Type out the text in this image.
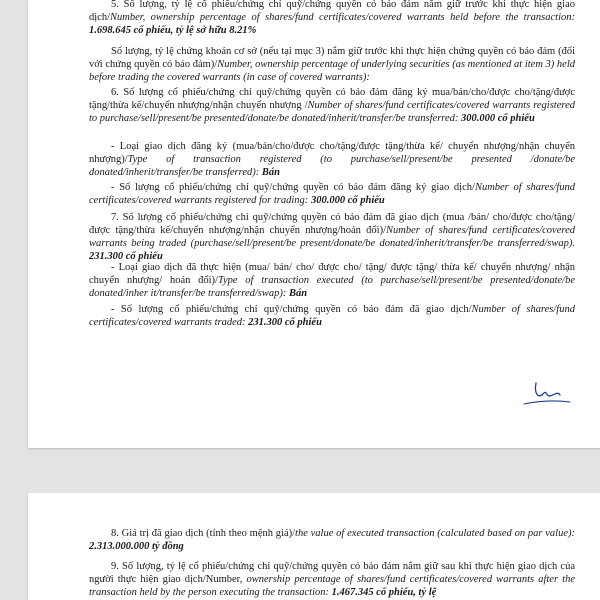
5. Số lượng, tỷ lệ cổ phiếu/chứng chỉ quỹ/chứng quyền có bảo đảm nắm giữ trước khi thực hiện giao dịch/Number, ownership percentage of shares/fund certificates/covered warrants held before the transaction: 1.698.645 cổ phiếu, tỷ lệ sở hữu 8.21%

Số lượng, tỷ lệ chứng khoán cơ sở (nếu tại mục 3) nắm giữ trước khi thực hiện chứng quyền có bảo đảm (đối với chứng quyền có bảo đảm)/Number, ownership percentage of underlying securities (as mentioned at item 3) held before trading the covered warrants (in case of covered warrants):

6. Số lượng cổ phiếu/chứng chỉ quỹ/chứng quyền có bảo đảm đăng ký mua/bán/cho/được cho/tặng/được tặng/thừa kế/chuyển nhượng/nhận chuyển nhượng /Number of shares/fund certificates/covered warrants registered to purchase/sell/present/be presented/donate/be donated/inherit/transfer/be transferred: 300.000 cổ phiếu

- Loại giao dịch đăng ký (mua/bán/cho/được cho/tặng/được tặng/thừa kế/ chuyển nhượng/nhận chuyển nhượng)/Type of transaction registered (to purchase/sell/present/be presented /donate/be donated/inherit/transfer/be transferred): Bán

- Số lượng cổ phiếu/chứng chỉ quỹ/chứng quyền có bảo đảm đăng ký giao dịch/Number of shares/fund certificates/covered warrants registered for trading: 300.000 cổ phiếu

7. Số lượng cổ phiếu/chứng chỉ quỹ/chứng quyền có bảo đảm đã giao dịch (mua /bán/ cho/được cho/tặng/được tặng/thừa kế/chuyển nhượng/nhận chuyển nhượng/hoán đổi)/Number of shares/fund certificates/covered warrants being traded (purchase/sell/present/be present/donate/be donated/inherit/transfer/be transferred/swap). 231.300 cổ phiếu

- Loại giao dịch đã thực hiện (mua/ bán/ cho/ được cho/ tặng/ được tặng/ thừa kế/ chuyển nhượng/ nhận chuyển nhượng/ hoán đổi)/Type of transaction executed (to purchase/sell/present/be presented/donate/be donated/inher it/transfer/be transferred/swap): Bán

- Số lượng cổ phiếu/chứng chỉ quỹ/chứng quyền có bảo đảm đã giao dịch/Number of shares/fund certificates/covered warrants traded: 231.300 cổ phiếu

8. Giá trị đã giao dịch (tính theo mệnh giá)/the value of executed transaction (calculated based on par value): 2.313.000.000 tỷ đồng

9. Số lượng, tỷ lệ cổ phiếu/chứng chỉ quỹ/chứng quyền có bảo đảm nắm giữ sau khi thực hiện giao dịch của người thực hiện giao dịch/Number, ownership percentage of shares/fund certificates/covered warrants after the transaction held by the person executing the transaction: 1.467.345 cổ phiếu, tỷ lệ
